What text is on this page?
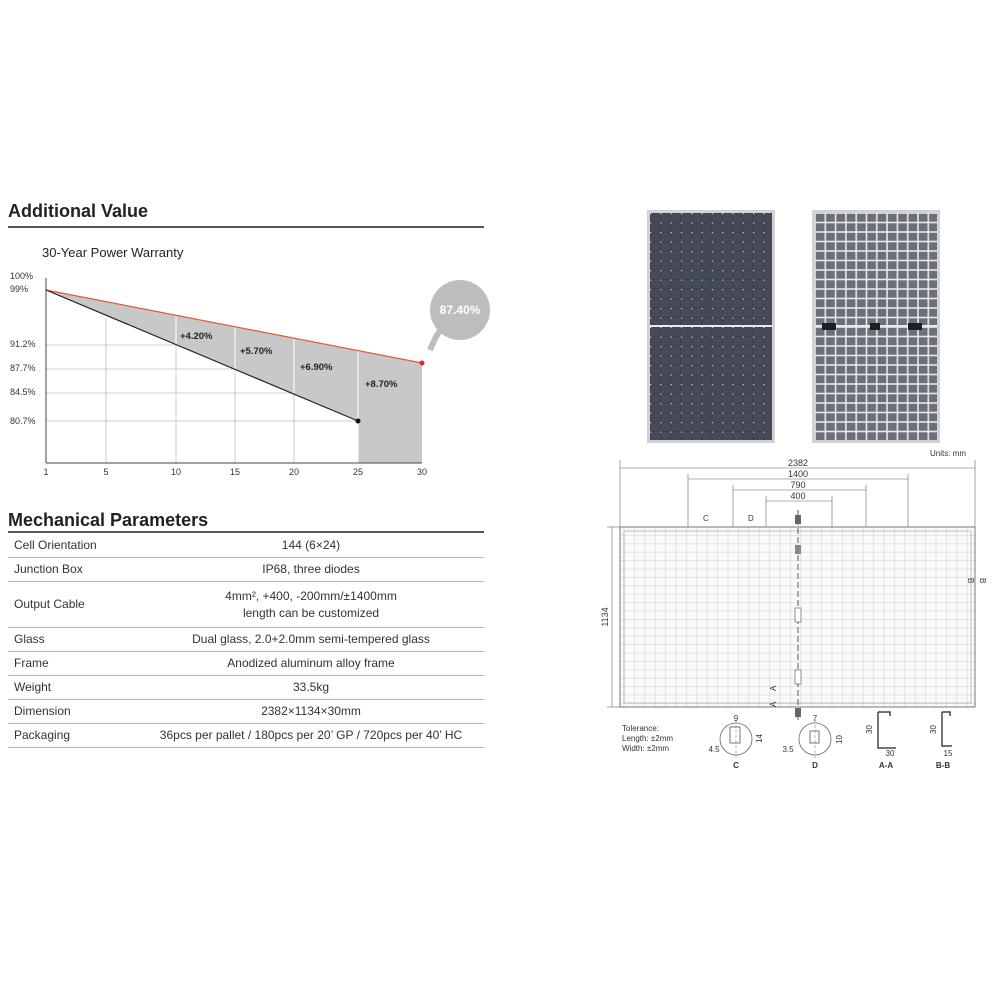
Additional Value
30-Year Power Warranty
100%
99%
91.2%
87.7%
84.5%
80.7%
87.40%
+4.20%
+5.70%
+6.90%
+8.70%
1	5	10	15	20	25	30
Mechanical Parameters
Cell Orientation	144 (6×24)
Junction Box	IP68, three diodes
Output Cable	4mm², +400, -200mm/±1400mm
length can be customized

Glass	Dual glass, 2.0+2.0mm semi-tempered glass
Frame	Anodized aluminum alloy frame
Weight	33.5kg
Dimension	2382×1134×30mm
Packaging	36pcs per pallet / 180pcs per 20’ GP / 720pcs per 40’ HC
Units: mm
2382
1400
790
400
1134
C	D
B B
A
A
Tolerance:
Length: ±2mm
Width: ±2mm
9
4.5
14
C
7
3.5
10
D
30
30
A-A
30
15
B-B
